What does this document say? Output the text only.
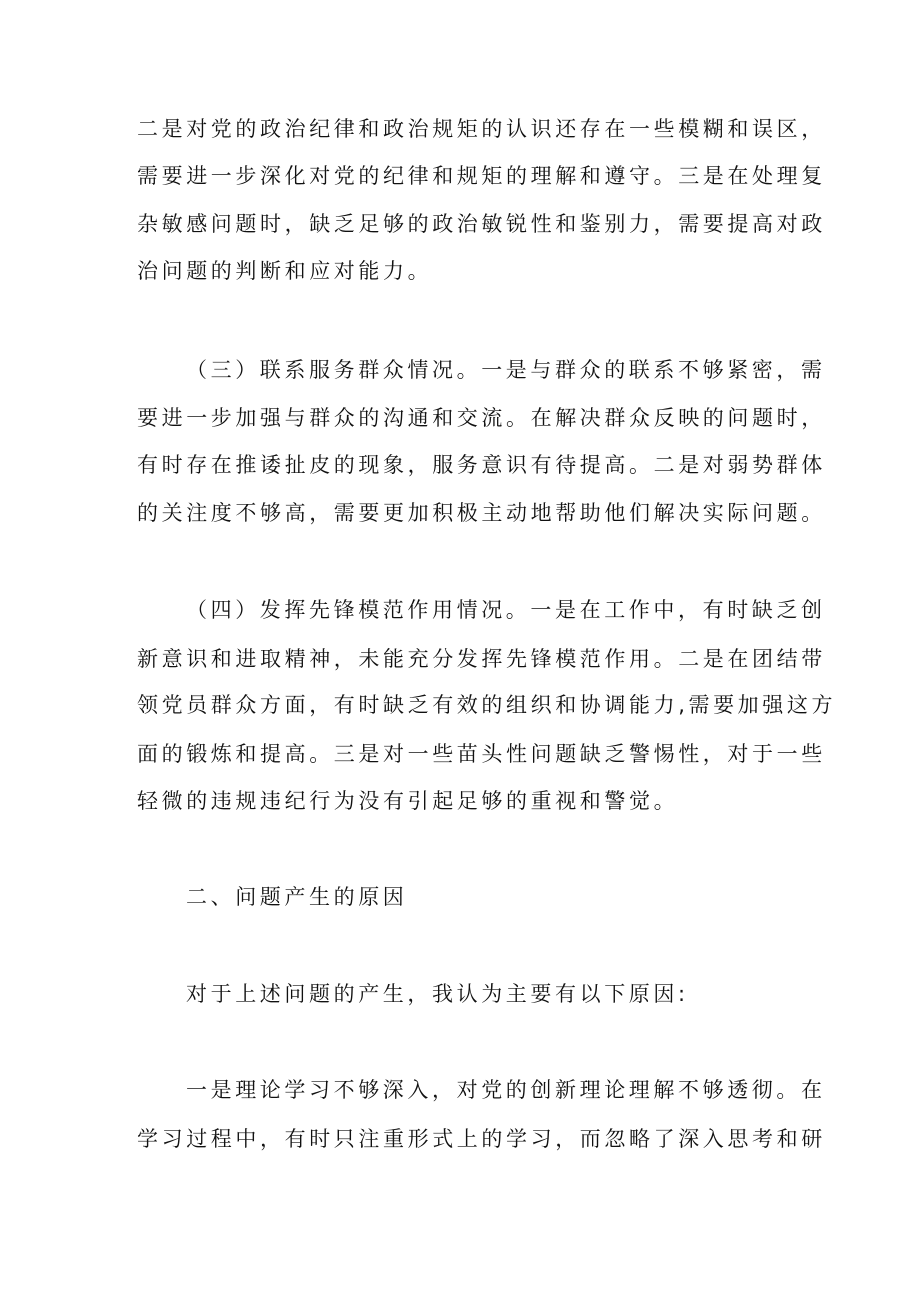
二是对党的政治纪律和政治规矩的认识还存在一些模糊和误区，
需要进一步深化对党的纪律和规矩的理解和遵守。三是在处理复
杂敏感问题时，缺乏足够的政治敏锐性和鉴别力，需要提高对政
治问题的判断和应对能力。
（三）联系服务群众情况。一是与群众的联系不够紧密，需
要进一步加强与群众的沟通和交流。在解决群众反映的问题时，
有时存在推诿扯皮的现象，服务意识有待提高。二是对弱势群体
的关注度不够高，需要更加积极主动地帮助他们解决实际问题。
（四）发挥先锋模范作用情况。一是在工作中，有时缺乏创
新意识和进取精神，未能充分发挥先锋模范作用。二是在团结带
领党员群众方面，有时缺乏有效的组织和协调能力,需要加强这方
面的锻炼和提高。三是对一些苗头性问题缺乏警惕性，对于一些
轻微的违规违纪行为没有引起足够的重视和警觉。
二、问题产生的原因
对于上述问题的产生，我认为主要有以下原因:
一是理论学习不够深入，对党的创新理论理解不够透彻。在
学习过程中，有时只注重形式上的学习，而忽略了深入思考和研
